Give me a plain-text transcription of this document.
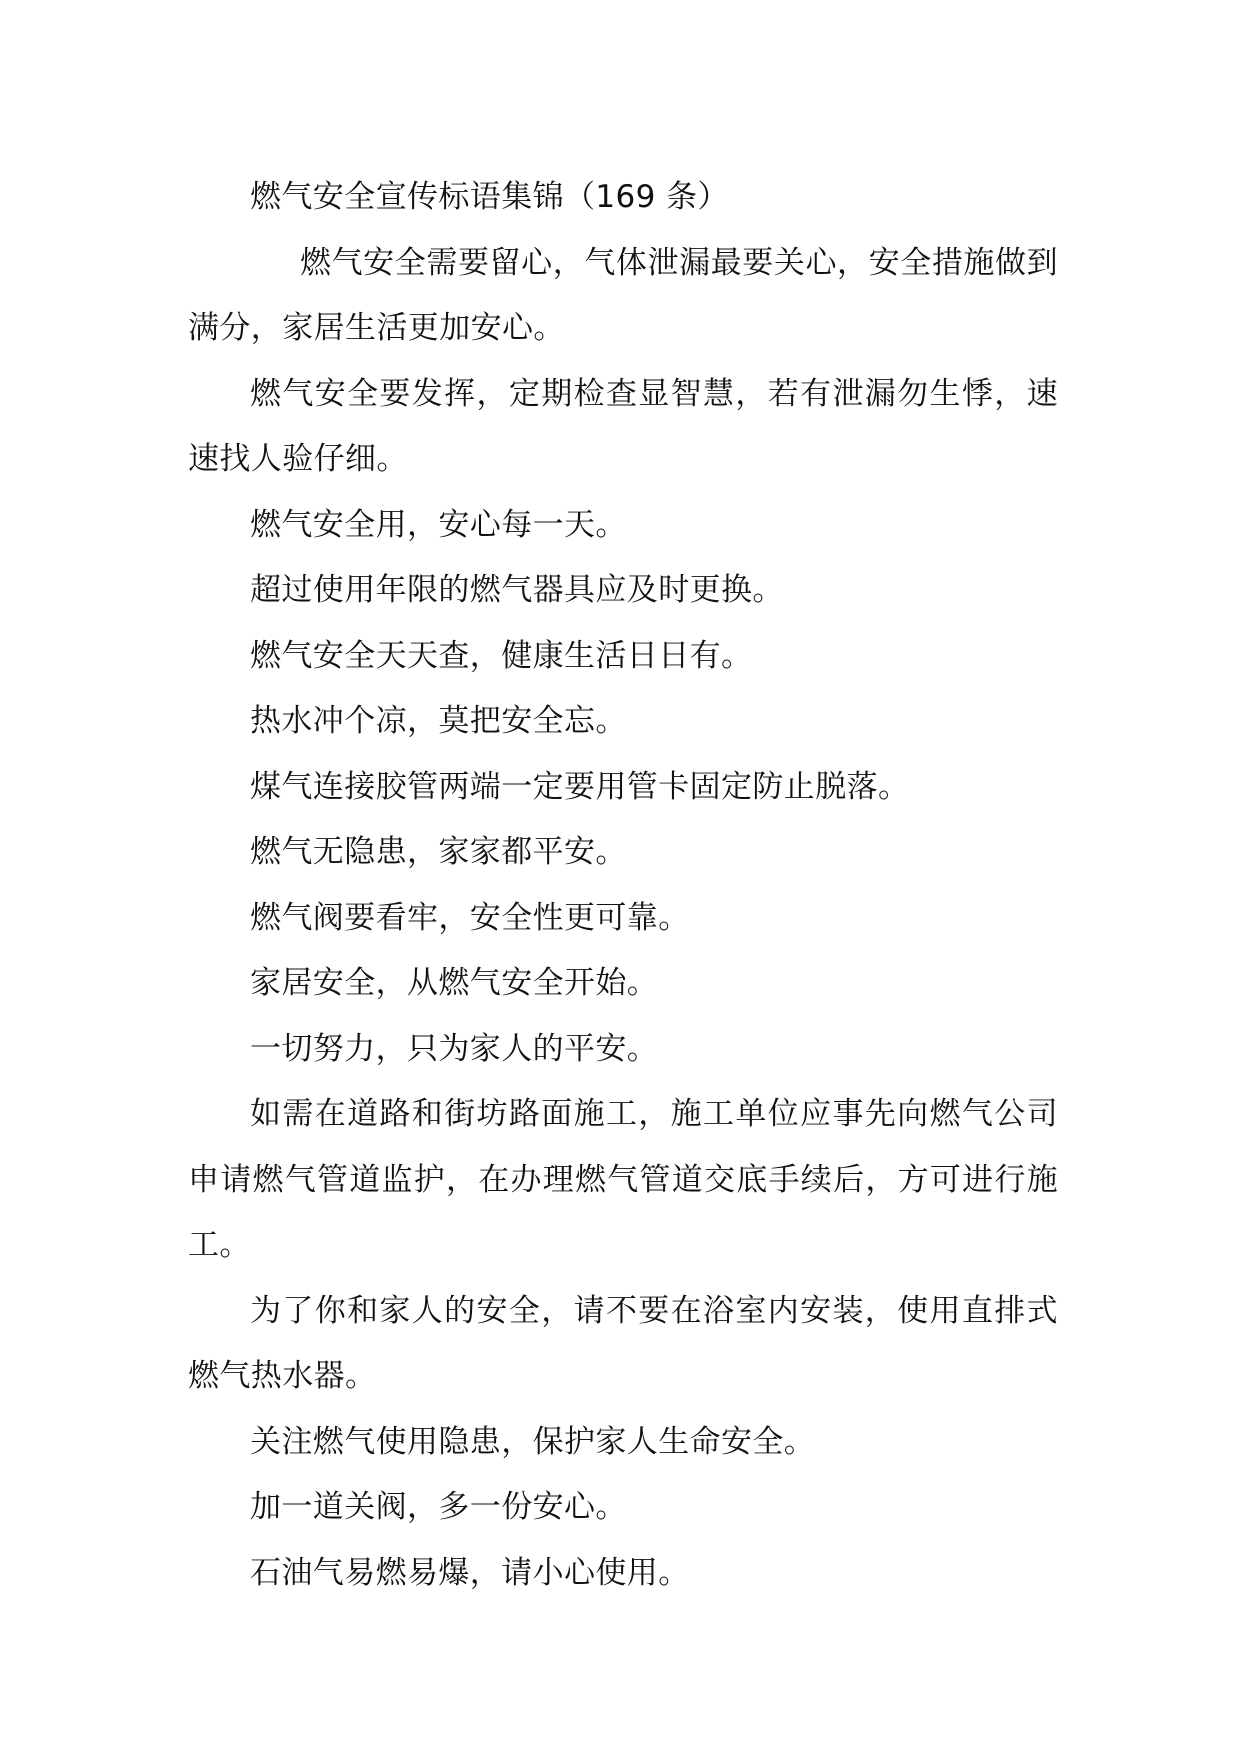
燃气安全宣传标语集锦（169 条）

燃气安全需要留心，气体泄漏最要关心，安全措施做到满分，家居生活更加安心。

燃气安全要发挥，定期检查显智慧，若有泄漏勿生悸，速速找人验仔细。

燃气安全用，安心每一天。

超过使用年限的燃气器具应及时更换。

燃气安全天天查，健康生活日日有。

热水冲个凉，莫把安全忘。

煤气连接胶管两端一定要用管卡固定防止脱落。

燃气无隐患，家家都平安。

燃气阀要看牢，安全性更可靠。

家居安全，从燃气安全开始。

一切努力，只为家人的平安。

如需在道路和街坊路面施工，施工单位应事先向燃气公司申请燃气管道监护，在办理燃气管道交底手续后，方可进行施工。

为了你和家人的安全，请不要在浴室内安装，使用直排式燃气热水器。

关注燃气使用隐患，保护家人生命安全。

加一道关阀，多一份安心。

石油气易燃易爆，请小心使用。
